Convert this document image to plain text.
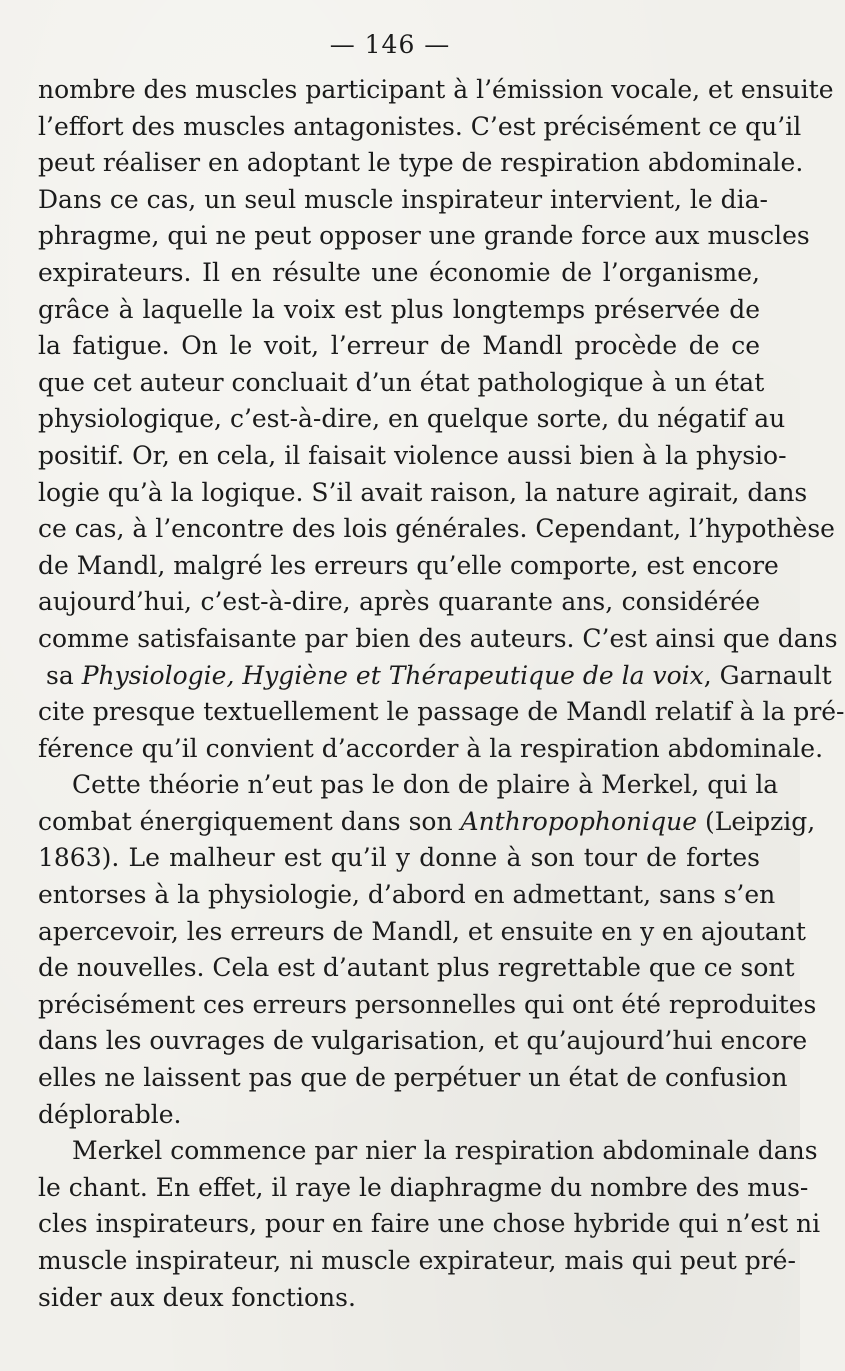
— 146 —
nombre des muscles participant à l’émission vocale, et ensuite
l’effort des muscles antagonistes. C’est précisément ce qu’il
peut réaliser en adoptant le type de respiration abdominale.
Dans ce cas, un seul muscle inspirateur intervient, le dia-
phragme, qui ne peut opposer une grande force aux muscles
expirateurs. Il en résulte une économie de l’organisme,
grâce à laquelle la voix est plus longtemps préservée de
la fatigue. On le voit, l’erreur de Mandl procède de ce
que cet auteur concluait d’un état pathologique à un état
physiologique, c’est-à-dire, en quelque sorte, du négatif au
positif. Or, en cela, il faisait violence aussi bien à la physio-
logie qu’à la logique. S’il avait raison, la nature agirait, dans
ce cas, à l’encontre des lois générales. Cependant, l’hypothèse
de Mandl, malgré les erreurs qu’elle comporte, est encore
aujourd’hui, c’est-à-dire, après quarante ans, considérée
comme satisfaisante par bien des auteurs. C’est ainsi que dans
sa Physiologie, Hygiène et Thérapeutique de la voix, Garnault
cite presque textuellement le passage de Mandl relatif à la pré-
férence qu’il convient d’accorder à la respiration abdominale.
Cette théorie n’eut pas le don de plaire à Merkel, qui la
combat énergiquement dans son Anthropophonique (Leipzig,
1863). Le malheur est qu’il y donne à son tour de fortes
entorses à la physiologie, d’abord en admettant, sans s’en
apercevoir, les erreurs de Mandl, et ensuite en y en ajoutant
de nouvelles. Cela est d’autant plus regrettable que ce sont
précisément ces erreurs personnelles qui ont été reproduites
dans les ouvrages de vulgarisation, et qu’aujourd’hui encore
elles ne laissent pas que de perpétuer un état de confusion
déplorable.
Merkel commence par nier la respiration abdominale dans
le chant. En effet, il raye le diaphragme du nombre des mus-
cles inspirateurs, pour en faire une chose hybride qui n’est ni
muscle inspirateur, ni muscle expirateur, mais qui peut pré-
sider aux deux fonctions.
